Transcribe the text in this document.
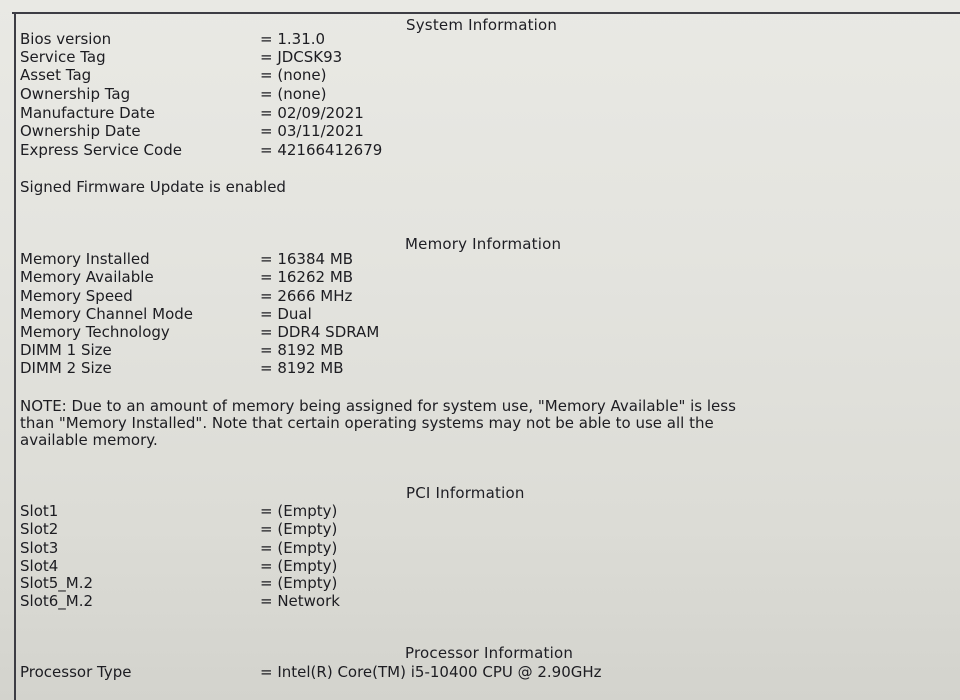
System Information
Bios version	= 1.31.0
Service Tag	= JDCSK93
Asset Tag	= (none)
Ownership Tag	= (none)
Manufacture Date	= 02/09/2021
Ownership Date	= 03/11/2021
Express Service Code	= 42166412679
Signed Firmware Update is enabled
Memory Information
Memory Installed	= 16384 MB
Memory Available	= 16262 MB
Memory Speed	= 2666 MHz
Memory Channel Mode	= Dual
Memory Technology	= DDR4 SDRAM
DIMM 1 Size	= 8192 MB
DIMM 2 Size	= 8192 MB
NOTE: Due to an amount of memory being assigned for system use, "Memory Available" is less
than "Memory Installed". Note that certain operating systems may not be able to use all the
available memory.
PCI Information
Slot1	= (Empty)
Slot2	= (Empty)
Slot3	= (Empty)
Slot4	= (Empty)
Slot5_M.2	= (Empty)
Slot6_M.2	= Network
Processor Information
Processor Type	= Intel(R) Core(TM) i5-10400 CPU @ 2.90GHz
